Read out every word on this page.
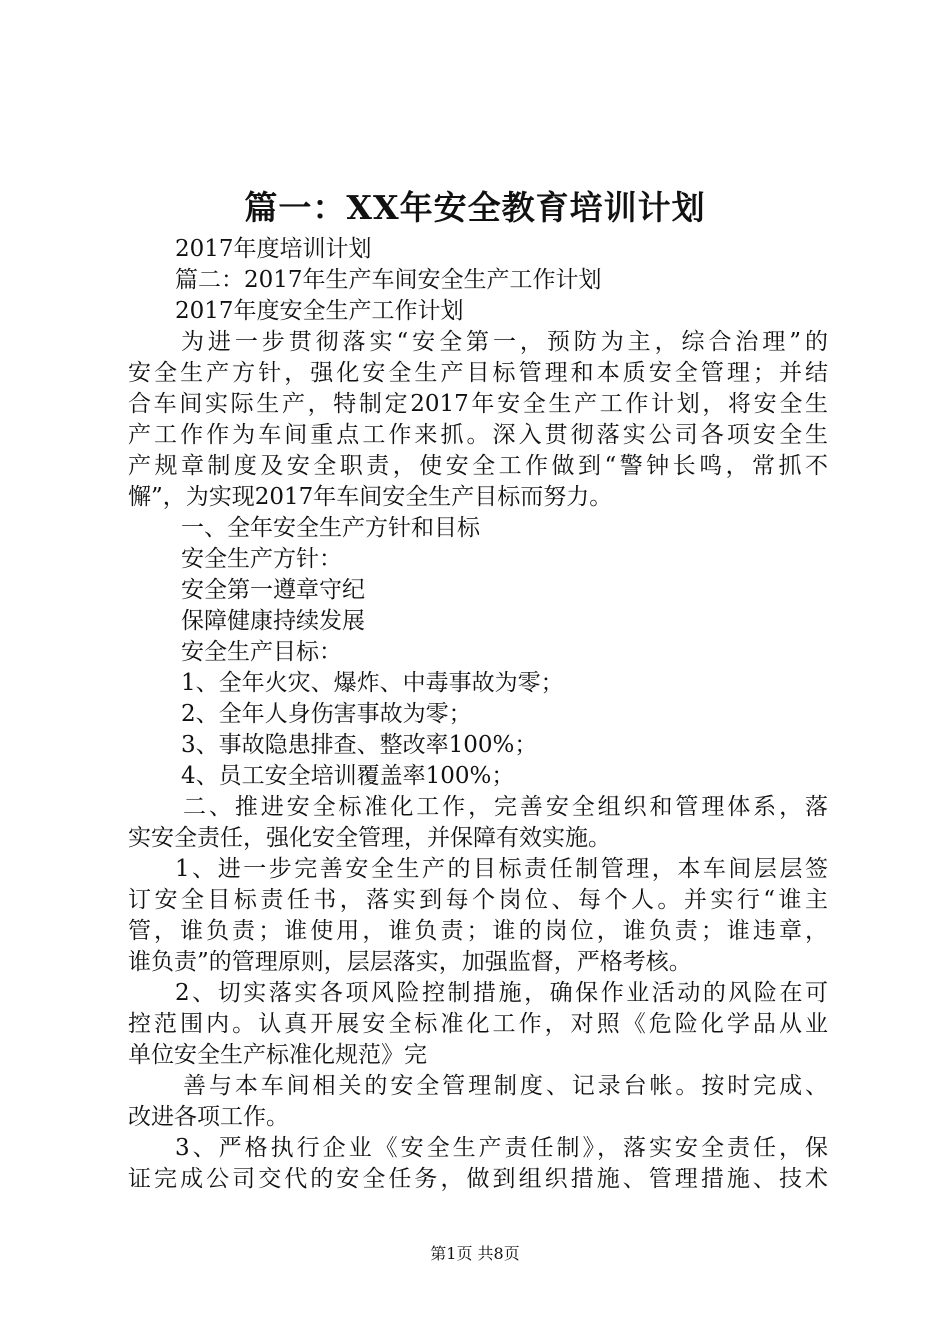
篇一：XX年安全教育培训计划
2017年度培训计划
篇二：2017年生产车间安全生产工作计划
2017年度安全生产工作计划
为进一步贯彻落实“安全第一，预防为主，综合治理”的
安全生产方针，强化安全生产目标管理和本质安全管理；并结
合车间实际生产，特制定2017年安全生产工作计划，将安全生
产工作作为车间重点工作来抓。深入贯彻落实公司各项安全生
产规章制度及安全职责，使安全工作做到“警钟长鸣，常抓不
懈”，为实现2017年车间安全生产目标而努力。
一、全年安全生产方针和目标
安全生产方针：
安全第一遵章守纪
保障健康持续发展
安全生产目标：
1、全年火灾、爆炸、中毒事故为零；
2、全年人身伤害事故为零；
3、事故隐患排查、整改率100%；
4、员工安全培训覆盖率100%；
二、推进安全标准化工作，完善安全组织和管理体系，落
实安全责任，强化安全管理，并保障有效实施。
1、进一步完善安全生产的目标责任制管理，本车间层层签
订安全目标责任书，落实到每个岗位、每个人。并实行“谁主
管，谁负责；谁使用，谁负责；谁的岗位，谁负责；谁违章，
谁负责”的管理原则，层层落实，加强监督，严格考核。
2、切实落实各项风险控制措施，确保作业活动的风险在可
控范围内。认真开展安全标准化工作，对照《危险化学品从业
单位安全生产标准化规范》完
善与本车间相关的安全管理制度、记录台帐。按时完成、
改进各项工作。
3、严格执行企业《安全生产责任制》，落实安全责任，保
证完成公司交代的安全任务，做到组织措施、管理措施、技术
第1页 共8页
